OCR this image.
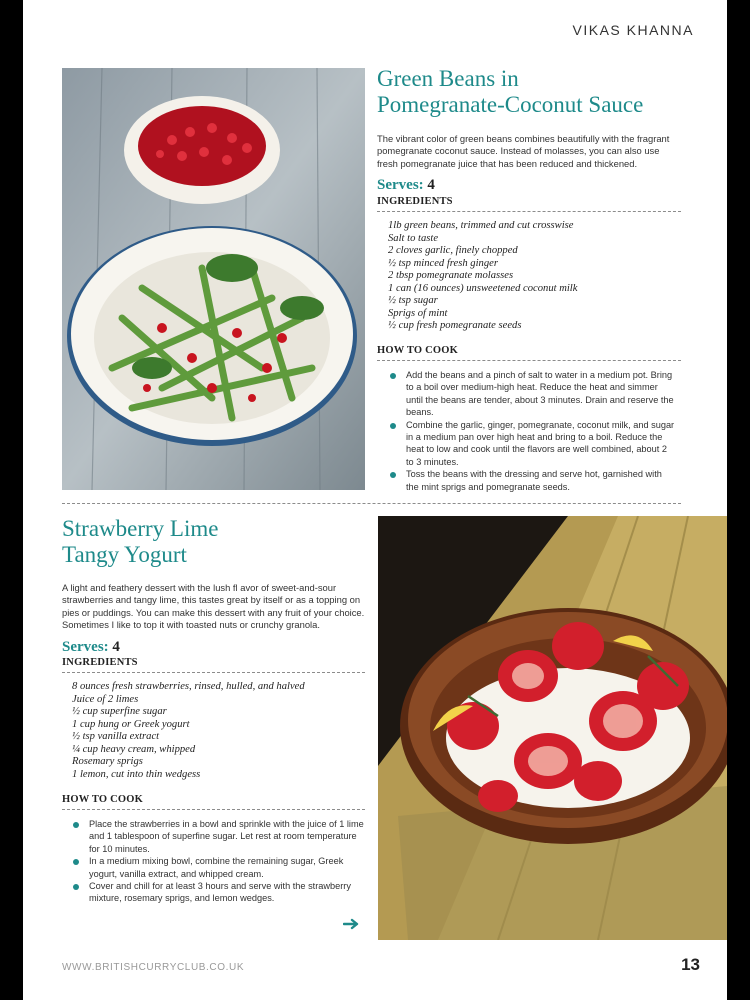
VIKAS KHANNA
Green Beans in
Pomegranate-Coconut Sauce

The vibrant color of green beans combines beautifully with the fragrant pomegranate coconut sauce. Instead of molasses, you can also use fresh pomegranate juice that has been reduced and thickened.

Serves: 4
INGREDIENTS
1lb green beans, trimmed and cut crosswise
Salt to taste
2 cloves garlic, finely chopped
½ tsp minced fresh ginger
2 tbsp pomegranate molasses
1 can (16 ounces) unsweetened coconut milk
½ tsp sugar
Sprigs of mint
½ cup fresh pomegranate seeds
HOW TO COOK
Add the beans and a pinch of salt to water in a medium pot. Bring to a boil over medium-high heat. Reduce the heat and simmer until the beans are tender, about 3 minutes. Drain and reserve the beans.
Combine the garlic, ginger, pomegranate, coconut milk, and sugar in a medium pan over high heat and bring to a boil. Reduce the heat to low and cook until the flavors are well combined, about 2 to 3 minutes.
Toss the beans with the dressing and serve hot, garnished with the mint sprigs and pomegranate seeds.
Strawberry Lime
Tangy Yogurt

A light and feathery dessert with the lush fl avor of sweet-and-sour strawberries and tangy lime, this tastes great by itself or as a topping on pies or puddings. You can make this dessert with any fruit of your choice. Sometimes I like to top it with toasted nuts or crunchy granola.

Serves: 4
INGREDIENTS
8 ounces fresh strawberries, rinsed, hulled, and halved
Juice of 2 limes
½ cup superfine sugar
1 cup hung or Greek yogurt
½ tsp vanilla extract
¼ cup heavy cream, whipped
Rosemary sprigs
1 lemon, cut into thin wedgess
HOW TO COOK
Place the strawberries in a bowl and sprinkle with the juice of 1 lime and 1 tablespoon of superfine sugar. Let rest at room temperature for 10 minutes.
In a medium mixing bowl, combine the remaining sugar, Greek yogurt, vanilla extract, and whipped cream.
Cover and chill for at least 3 hours and serve with the strawberry mixture, rosemary sprigs, and lemon wedges.
WWW.BRITISHCURRYCLUB.CO.UK	13
